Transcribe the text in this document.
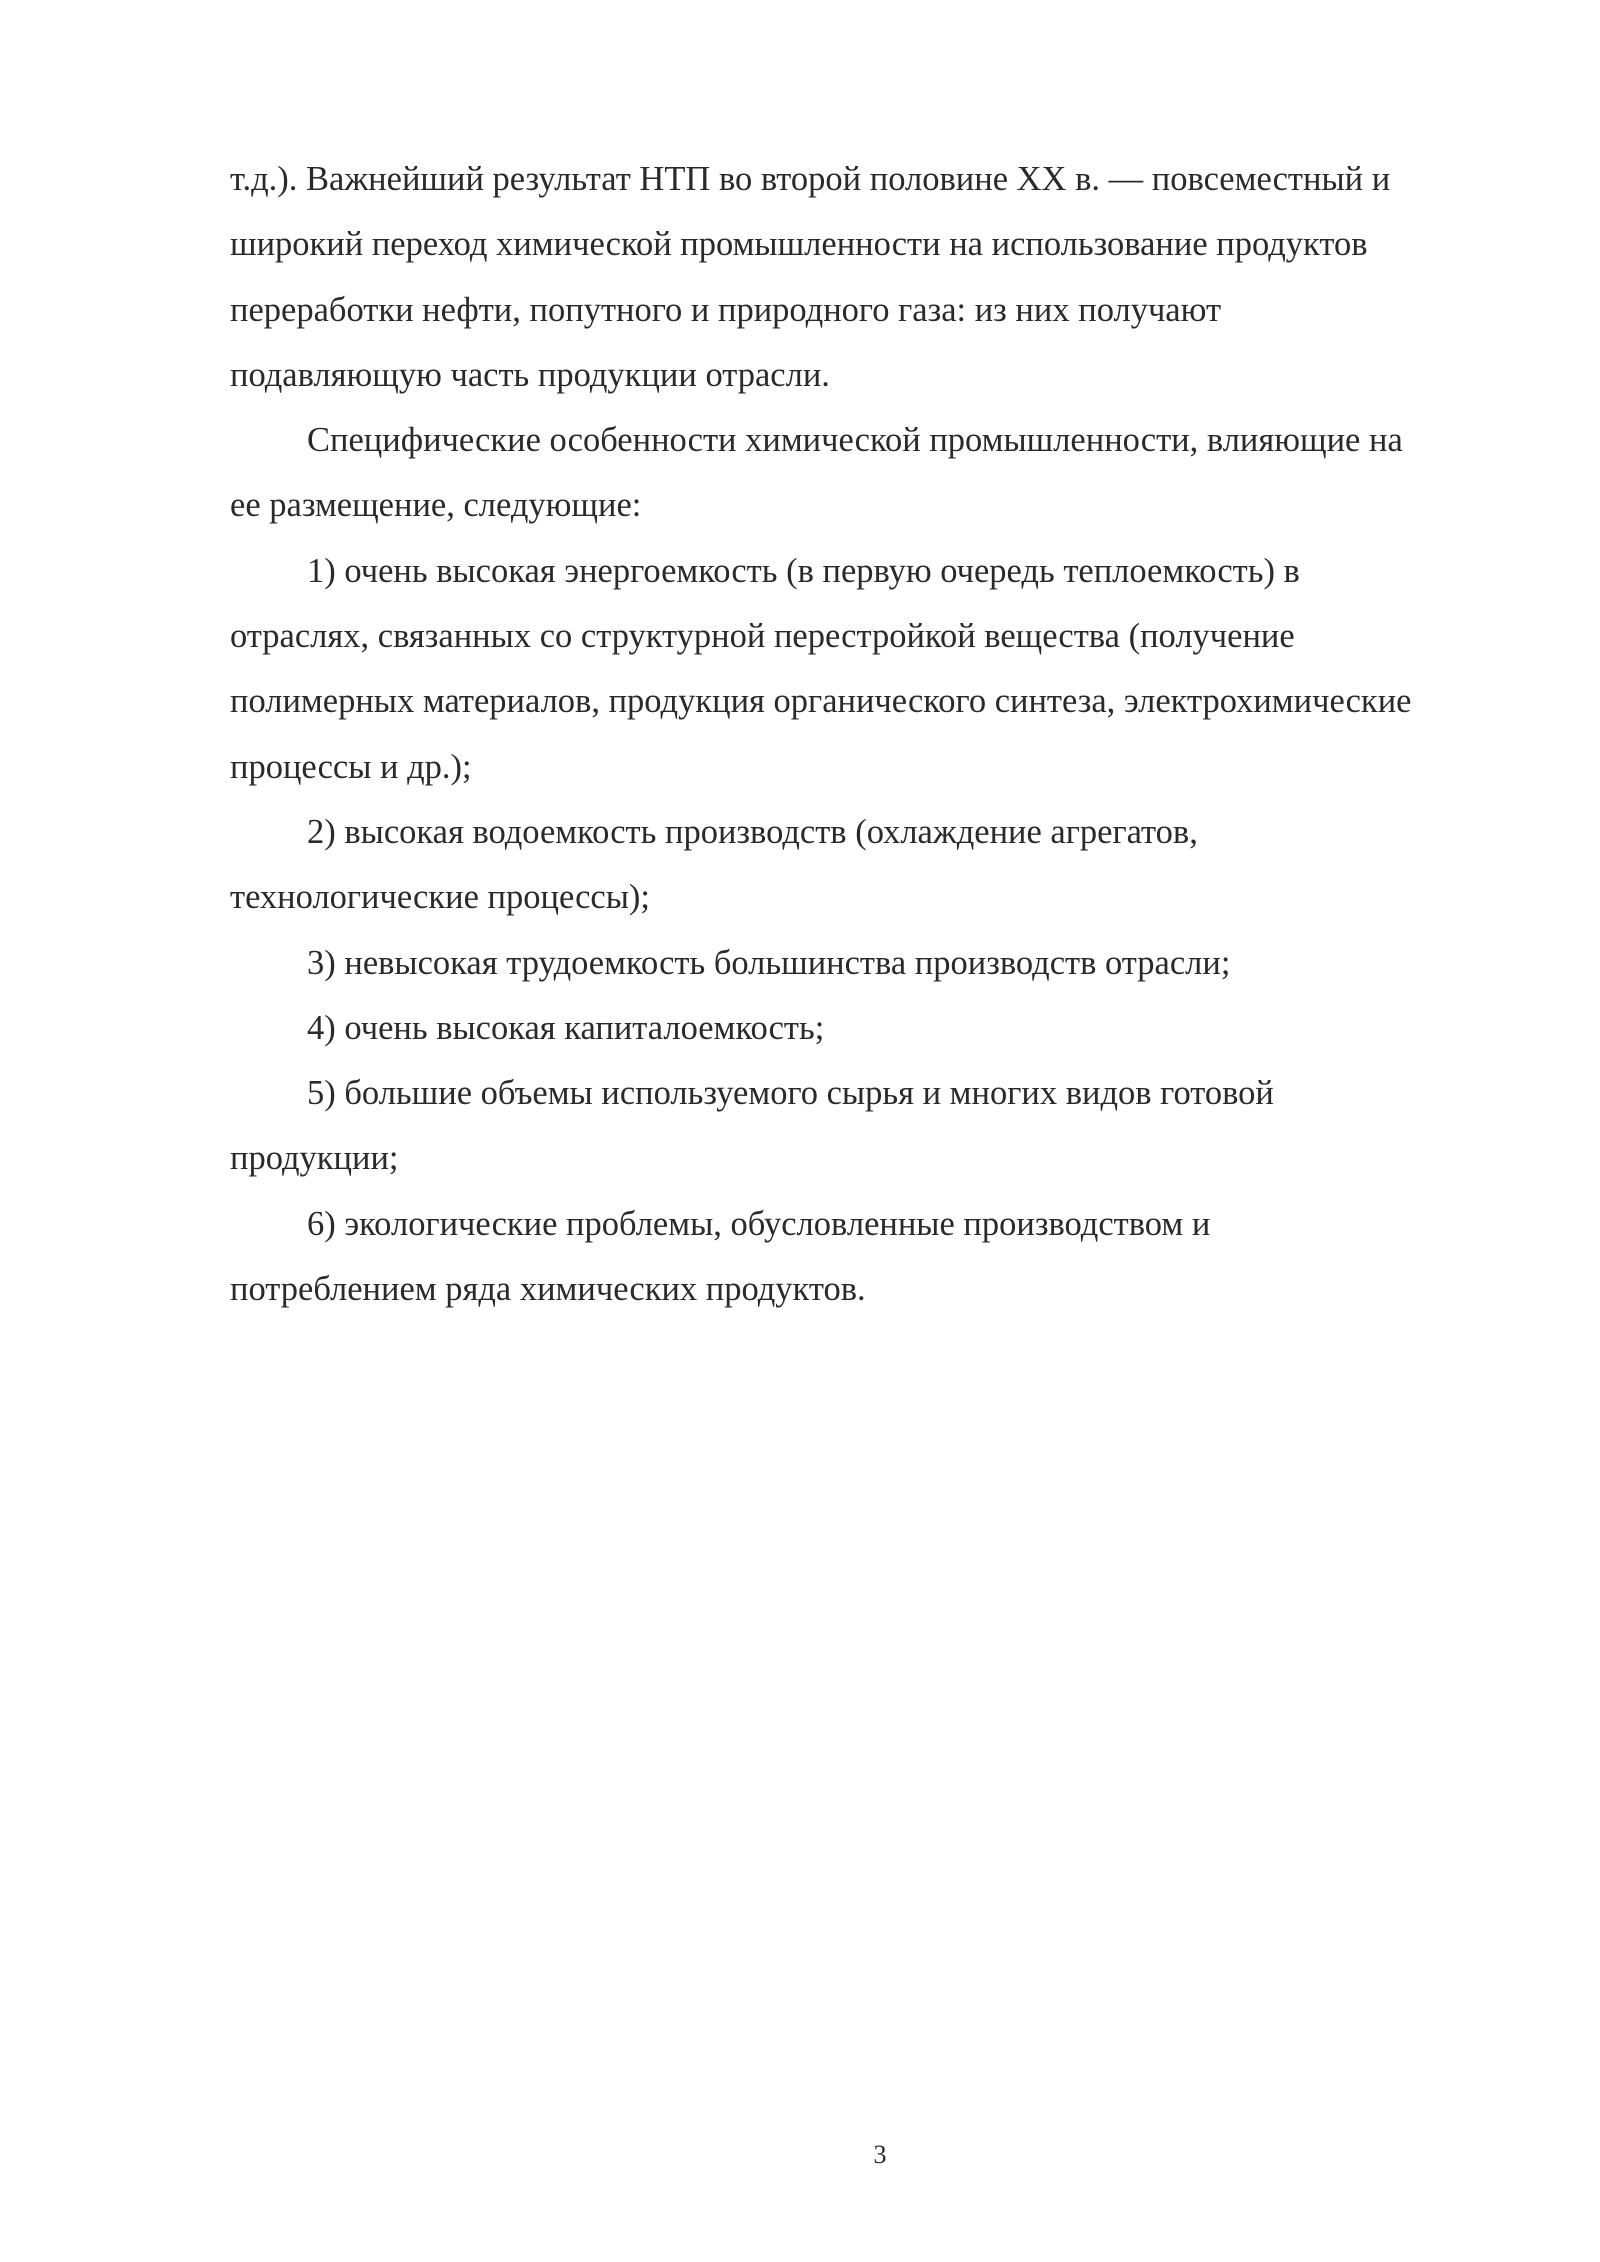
т.д.). Важнейший результат НТП во второй половине XX в. — повсеместный и
широкий переход химической промышленности на использование продуктов
переработки нефти, попутного и природного газа: из них получают
подавляющую часть продукции отрасли.
Специфические особенности химической промышленности, влияющие на
ее размещение, следующие:
1) очень высокая энергоемкость (в первую очередь теплоемкость) в
отраслях, связанных со структурной перестройкой вещества (получение
полимерных материалов, продукция органического синтеза, электрохимические
процессы и др.);
2) высокая водоемкость производств (охлаждение агрегатов,
технологические процессы);
3) невысокая трудоемкость большинства производств отрасли;
4) очень высокая капиталоемкость;
5) большие объемы используемого сырья и многих видов готовой
продукции;
6) экологические проблемы, обусловленные производством и
потреблением ряда химических продуктов.
3
